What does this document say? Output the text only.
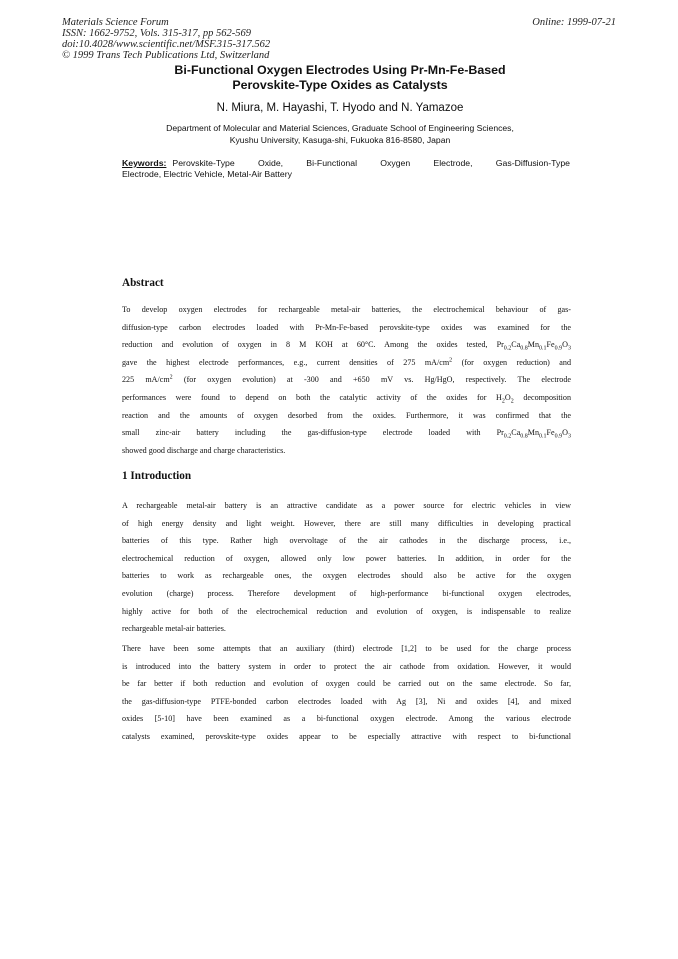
Materials Science Forum
ISSN: 1662-9752, Vols. 315-317, pp 562-569
doi:10.4028/www.scientific.net/MSF.315-317.562
© 1999 Trans Tech Publications Ltd, Switzerland
Online: 1999-07-21
Bi-Functional Oxygen Electrodes Using Pr-Mn-Fe-Based
Perovskite-Type Oxides as Catalysts
N. Miura, M. Hayashi, T. Hyodo and N. Yamazoe
Department of Molecular and Material Sciences, Graduate School of Engineering Sciences,
Kyushu University, Kasuga-shi, Fukuoka 816-8580, Japan
Keywords: Perovskite-Type Oxide, Bi-Functional Oxygen Electrode, Gas-Diffusion-Type
Electrode, Electric Vehicle, Metal-Air Battery
Abstract
To develop oxygen electrodes for rechargeable metal-air batteries, the electrochemical behaviour of gas-
diffusion-type carbon electrodes loaded with Pr-Mn-Fe-based perovskite-type oxides was examined for the
reduction and evolution of oxygen in 8 M KOH at 60°C. Among the oxides tested, $Pr_{0.2}Ca_{0.8}Mn_{0.1}Fe_{0.9}O_3$
gave the highest electrode performances, e.g., current densities of 275 $mA/cm^2$ (for oxygen reduction) and
225 $mA/cm^2$ (for oxygen evolution) at -300 and +650 mV vs. Hg/HgO, respectively. The electrode
performances were found to depend on both the catalytic activity of the oxides for $H_2O_2$ decomposition
reaction and the amounts of oxygen desorbed from the oxides. Furthermore, it was confirmed that the
small zinc-air battery including the gas-diffusion-type electrode loaded with $Pr_{0.2}Ca_{0.8}Mn_{0.1}Fe_{0.9}O_3$
showed good discharge and charge characteristics.
1 Introduction
A rechargeable metal-air battery is an attractive candidate as a power source for electric vehicles in view
of high energy density and light weight. However, there are still many difficulties in developing practical
batteries of this type. Rather high overvoltage of the air cathodes in the discharge process, i.e.,
electrochemical reduction of oxygen, allowed only low power batteries. In addition, in order for the
batteries to work as rechargeable ones, the oxygen electrodes should also be active for the oxygen
evolution (charge) process. Therefore development of high-performance bi-functional oxygen electrodes,
highly active for both of the electrochemical reduction and evolution of oxygen, is indispensable to realize
rechargeable metal-air batteries.
There have been some attempts that an auxiliary (third) electrode [1,2] to be used for the charge process
is introduced into the battery system in order to protect the air cathode from oxidation. However, it would
be far better if both reduction and evolution of oxygen could be carried out on the same electrode. So far,
the gas-diffusion-type PTFE-bonded carbon electrodes loaded with Ag [3], Ni and oxides [4], and mixed
oxides [5-10] have been examined as a bi-functional oxygen electrode. Among the various electrode
catalysts examined, perovskite-type oxides appear to be especially attractive with respect to bi-functional
